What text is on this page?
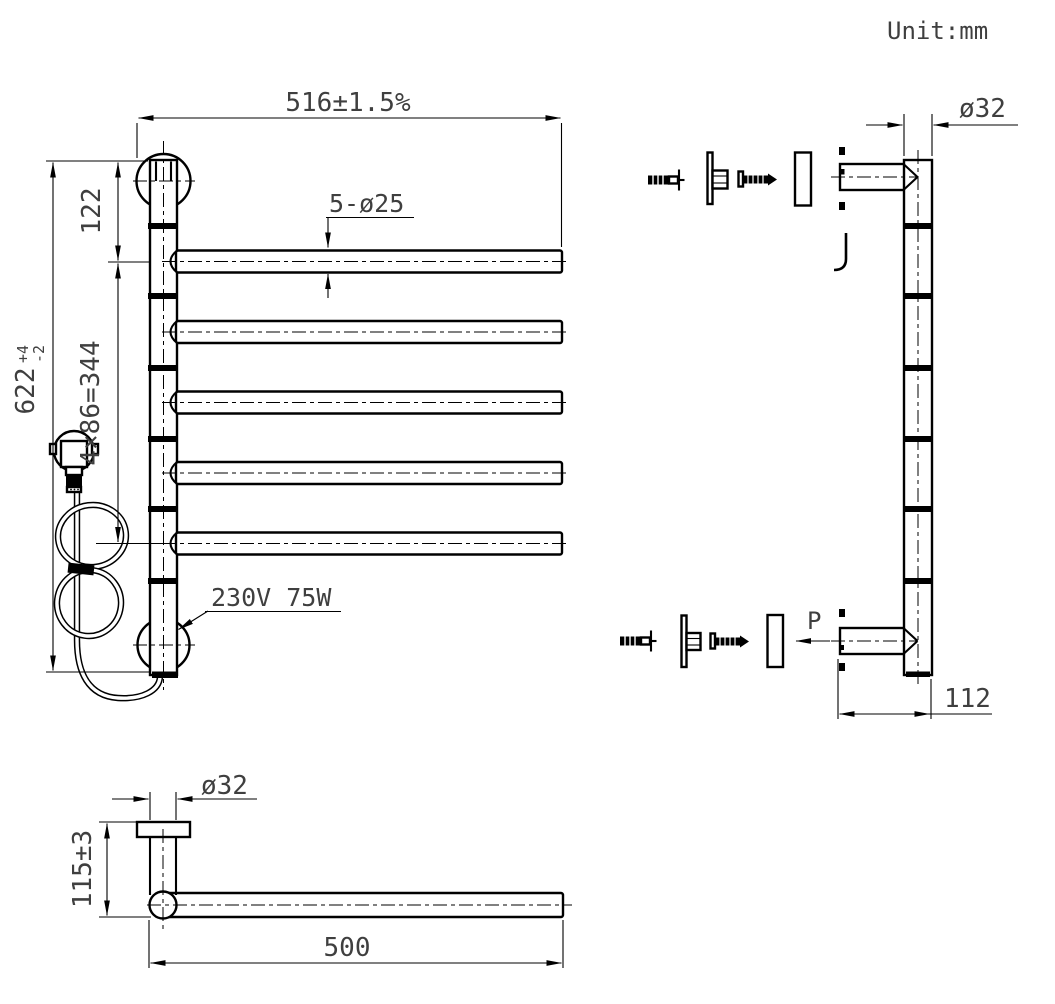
516±1.5%
122
4×86=344
622
+4
-2
5-ø25
230V 75W
ø32
112
P
ø32
115±3
500
Unit:mm
